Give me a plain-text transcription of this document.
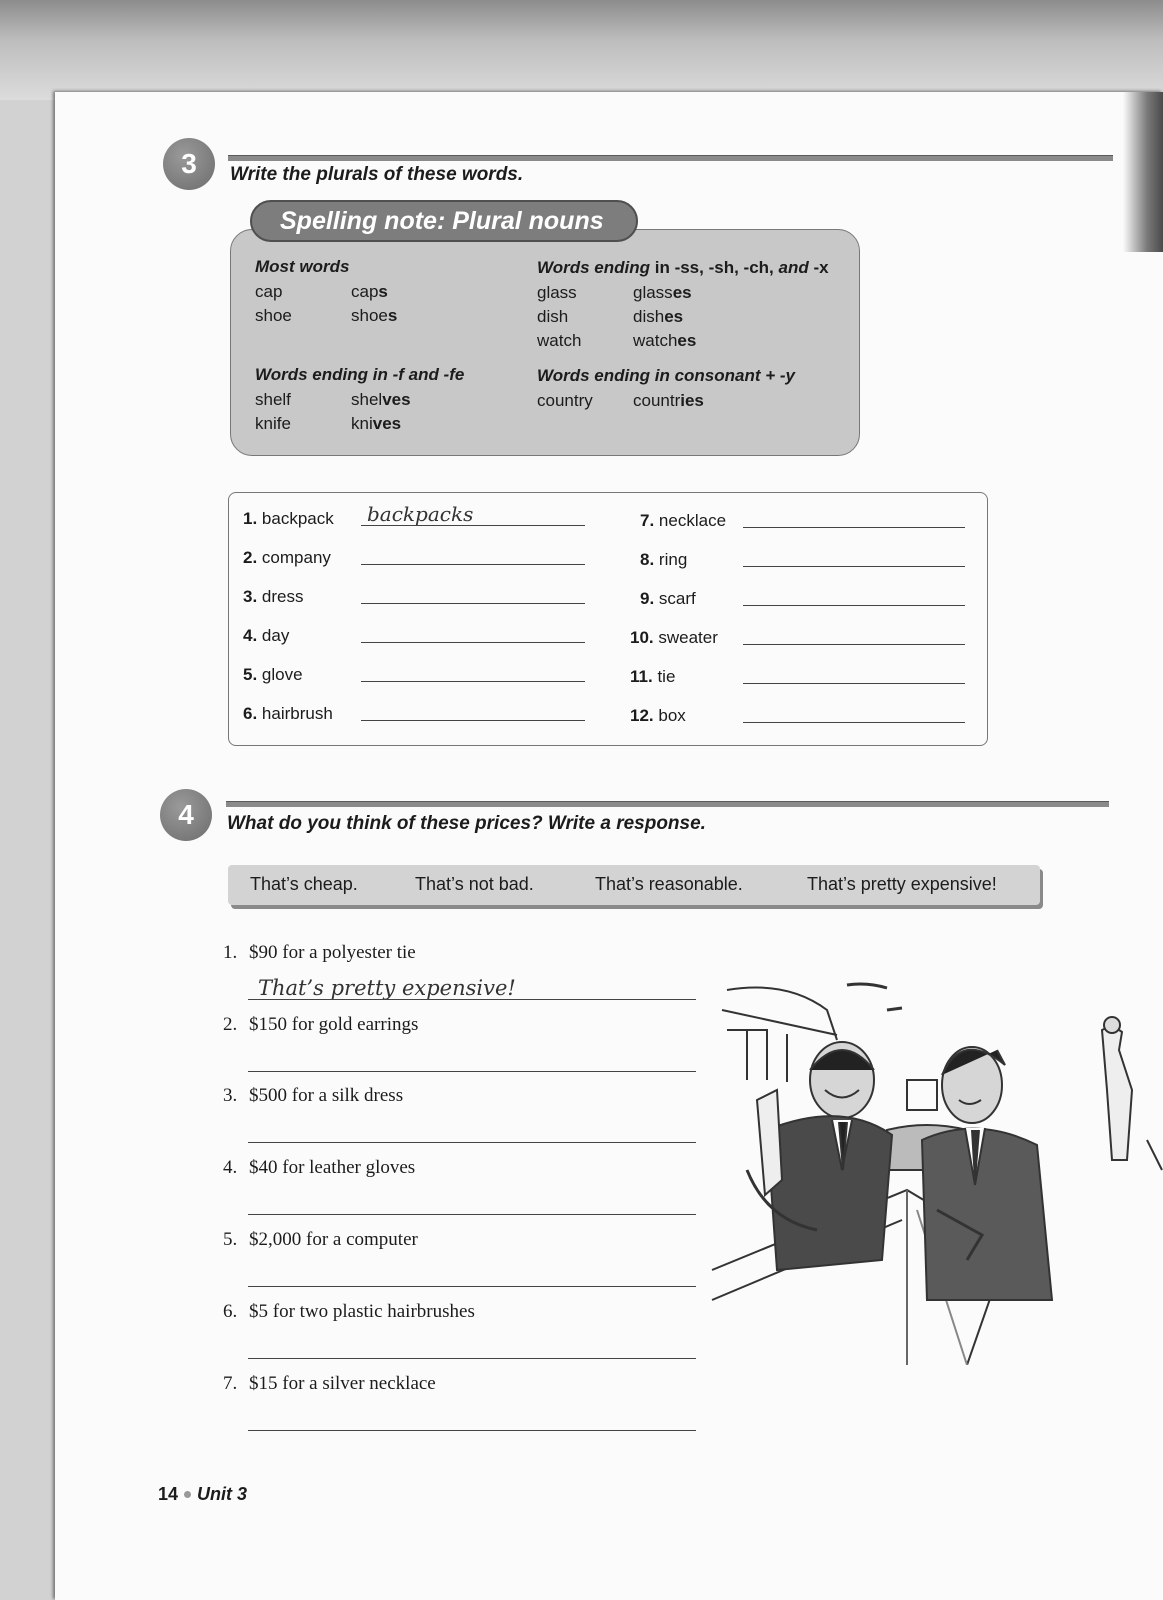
3	Write the plurals of these words.
Spelling note: Plural nouns
Most words
cap	caps
shoe	shoes
Words ending in -ss, -sh, -ch, and -x
glass	glasses
dish	dishes
watch	watches
Words ending in -f and -fe
shelf	shelves
knife	knives
Words ending in consonant + -y
country	countries
1. backpack backpacks
2. company
3. dress
4. day
5. glove
6. hairbrush
7. necklace
8. ring
9. scarf
10. sweater
11. tie
12. box
4	What do you think of these prices? Write a response.
That’s cheap.	That’s not bad.	That’s reasonable.	That’s pretty expensive!
1. $90 for a polyester tie
That’s pretty expensive!
2. $150 for gold earrings
3. $500 for a silk dress
4. $40 for leather gloves
5. $2,000 for a computer
6. $5 for two plastic hairbrushes
7. $15 for a silver necklace
14 Unit 3
